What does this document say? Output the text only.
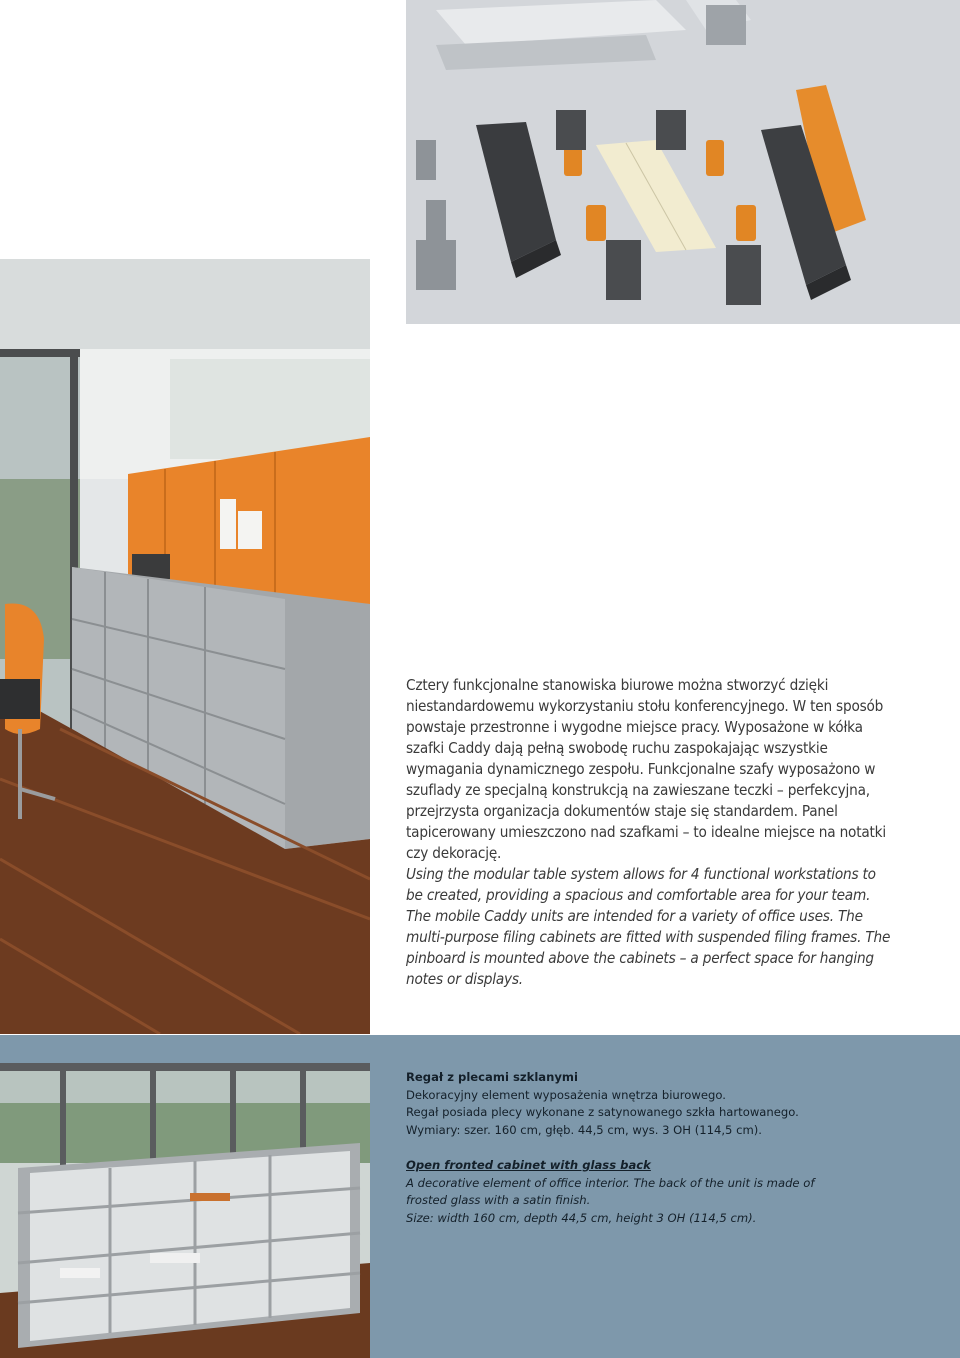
Cztery funkcjonalne stanowiska biurowe można stworzyć dzięki niestandardowemu wykorzystaniu stołu konferencyjnego. W ten sposób powstaje przestronne i wygodne miejsce pracy. Wyposażone w kółka szafki Caddy dają pełną swobodę ruchu zaspokajając wszystkie wymagania dynamicznego zespołu. Funkcjonalne szafy wyposażono w szuflady ze specjalną konstrukcją na zawieszane teczki – perfekcyjna, przejrzysta organizacja dokumentów staje się standardem. Panel tapicerowany umieszczono nad szafkami – to idealne miejsce na notatki czy dekorację.

Using the modular table system allows for 4 functional workstations to be created, providing a spacious and comfortable area for your team. The mobile Caddy units are intended for a variety of office uses. The multi-purpose filing cabinets are fitted with suspended filing frames. The pinboard is mounted above the cabinets – a perfect space for hanging notes or displays.

Regał z plecami szklanymi
Dekoracyjny element wyposażenia wnętrza biurowego.
Regał posiada plecy wykonane z satynowanego szkła hartowanego.
Wymiary: szer. 160 cm, głęb. 44,5 cm, wys. 3 OH (114,5 cm).
Open fronted cabinet with glass back
A decorative element of office interior. The back of the unit is made of
frosted glass with a satin finish.
Size: width 160 cm, depth 44,5 cm, height 3 OH (114,5 cm).
